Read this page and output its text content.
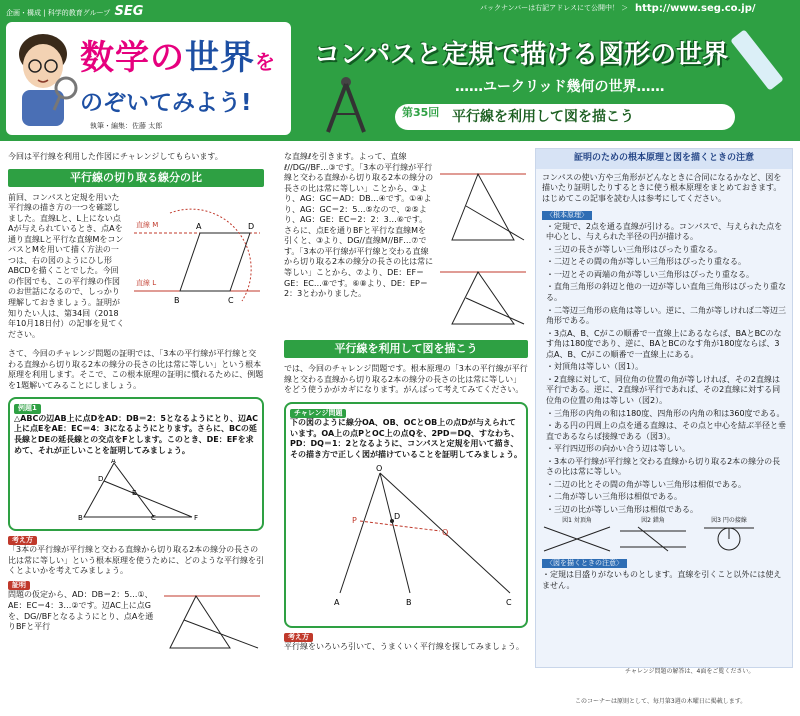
企画・構成 | 科学的教育グループ SEG	バックナンバーは右記アドレスにて公開中！ ＞ http://www.seg.co.jp/
数学の世界を
のぞいてみよう!
執筆・編集：佐藤 太郎
コンパスと定規で描ける図形の世界
……ユークリッド幾何の世界……
第35回 平行線を利用して図を描こう

今回は平行線を利用した作図にチャレンジしてもらいます。

平行線の切り取る線分の比

前回、コンパスと定規を用いた平行線の描き方の一つを確認しました。直線Lと、L上にない点Aが与えられているとき、点Aを通り直線Lと平行な直線MをコンパスとMを用いて描く方法の一つは、右の図のようにひし形ABCDを描くことでした。今回の作図でも、この平行線の作図のお世話になるので、しっかり理解しておきましょう。証明が知りたい人は、第34回（2018年10月18日付）の記事を見てください。

A
B	C
D
直線 L
直線 M

さて、今回のチャレンジ問題の証明では、「3本の平行線が平行線と交わる直線から切り取る2本の線分の長さの比は常に等しい」という根本原理を利用します。そこで、この根本原理の証明に慣れるために、例題を1題解いてみることにしましょう。

例題1

△ABCの辺AB上に点DをAD：DB＝2：5となるようにとり、辺AC上に点EをAE：EC＝4：3になるようにとります。さらに、BCの延長線とDEの延長線との交点をFとします。このとき、DE：EFを求めて、それが正しいことを証明してみましょう。

A
B	C
D
E
F
考え方

「3本の平行線が平行線と交わる直線から切り取る2本の線分の長さの比は常に等しい」という根本原理を使うために、どのような平行線を引くとよいかを考えてみましょう。

証明

問題の仮定から、AD：DB＝2：5…①、AE：EC＝4：3…②です。辺AC上に点Gを、DG//BFとなるようにとり、点Aを通りBFと平行

な直線ℓを引きます。よって、直線ℓ//DG//BF…③です。「3本の平行線が平行線と交わる直線から切り取る2本の線分の長さの比は常に等しい」ことから、③より、AG：GC＝AD：DB…④です。①④より、AG：GC＝2：5…⑤なので、②⑤より、AG：GE：EC＝2：2：3…⑥です。さらに、点Eを通りBFと平行な直線Mを引くと、③より、DG//直線M//BF…⑦です。「3本の平行線が平行線と交わる直線から切り取る2本の線分の長さの比は常に等しい」ことから、⑦より、DE：EF＝GE：EC…⑧です。⑥⑧より、DE：EP＝2：3とわかりました。

平行線を利用して図を描こう

では、今回のチャレンジ問題です。根本原理の「3本の平行線が平行線と交わる直線から切り取る2本の線分の長さの比は常に等しい」をどう使うかがカギになります。がんばって考えてみてください。

チャレンジ問題

下の図のように線分OA、OB、OCとOB上の点Dが与えられています。OA上の点PとOC上の点Qを、2PD＝DQ、すなわち、PD：DQ＝1：2となるように、コンパスと定規を用いて描き、その描き方で正しく図が描けていることを証明してみましょう。

O
A	B	C
D
P
Q
考え方

平行線をいろいろ引いて、うまくいく平行線を探してみましょう。

証明のための根本原理と図を描くときの注意

コンパスの使い方や三角形がどんなときに合同になるかなど、図を描いたり証明したりするときに使う根本原理をまとめておきます。はじめてこの記事を読む人は参考にしてください。

〈根本原理〉
・定規で、2点を通る直線が引ける。コンパスで、与えられた点を中心とし、与えられた半径の円が描ける。
・三辺の長さが等しい三角形はぴったり重なる。
・二辺とその間の角が等しい三角形はぴったり重なる。
・一辺とその両端の角が等しい三角形はぴったり重なる。
・直角三角形の斜辺と他の一辺が等しい直角三角形はぴったり重なる。
・二等辺三角形の底角は等しい。逆に、二角が等しければ二等辺三角形である。
・3点A、B、Cがこの順番で一直線上にあるならば、BAとBCのなす角は180度であり、逆に、BAとBCのなす角が180度ならば、3点A、B、Cがこの順番で一直線上にある。
・対頂角は等しい（図1）。
・2直線に対して、同位角の位置の角が等しければ、その2直線は平行である。逆に、2直線が平行であれば、その2直線に対する同位角の位置の角は等しい（図2）。
・三角形の内角の和は180度、四角形の内角の和は360度である。
・ある円の円周上の点を通る直線は、その点と中心を結ぶ半径と垂直であるならば接線である（図3）。
・平行四辺形の向かい合う辺は等しい。
・3本の平行線が平行線と交わる直線から切り取る2本の線分の長さの比は常に等しい。
・二辺の比とその間の角が等しい三角形は相似である。
・二角が等しい三角形は相似である。
・三辺の比が等しい三角形は相似である。
図1 対頂角	図2 錯角	図3 円の接線
〈図を描くときの注意〉

・定規は目盛りがないものとします。直線を引くこと以外には使えません。

チャレンジ問題の解答は、4面をご覧ください。
このコーナーは原則として、毎月第3週の木曜日に掲載します。
